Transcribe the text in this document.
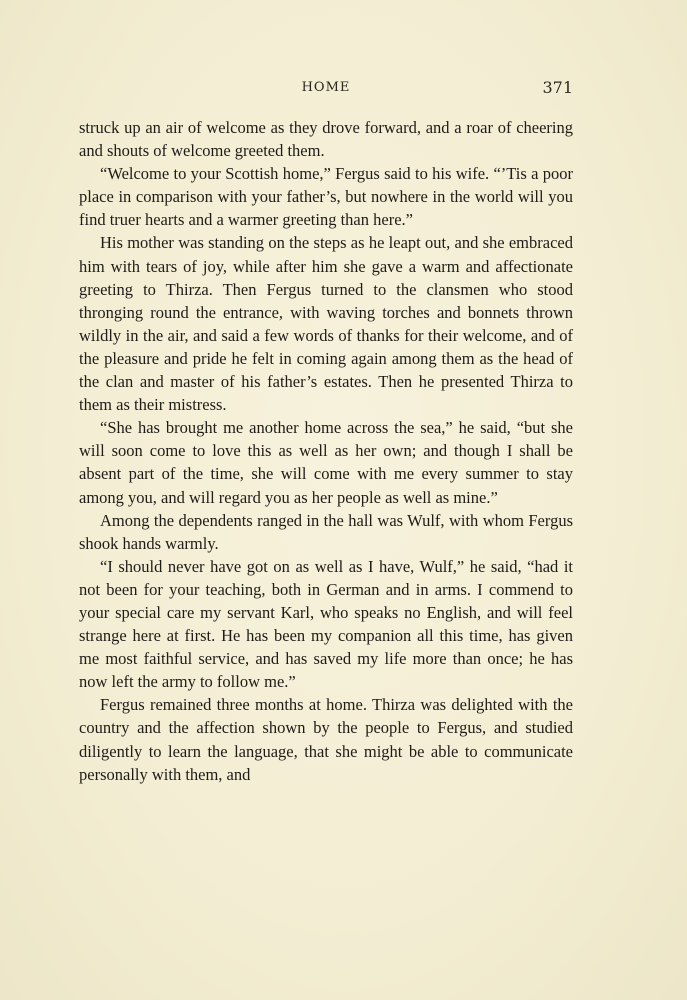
HOME	371

struck up an air of welcome as they drove forward, and a roar of cheering and shouts of welcome greeted them.

“Welcome to your Scottish home,” Fergus said to his wife. “’Tis a poor place in comparison with your father’s, but nowhere in the world will you find truer hearts and a warmer greeting than here.”

His mother was standing on the steps as he leapt out, and she embraced him with tears of joy, while after him she gave a warm and affectionate greeting to Thirza. Then Fergus turned to the clansmen who stood thronging round the entrance, with waving torches and bonnets thrown wildly in the air, and said a few words of thanks for their welcome, and of the pleasure and pride he felt in coming again among them as the head of the clan and master of his father’s estates. Then he presented Thirza to them as their mistress.

“She has brought me another home across the sea,” he said, “but she will soon come to love this as well as her own; and though I shall be absent part of the time, she will come with me every summer to stay among you, and will regard you as her people as well as mine.”

Among the dependents ranged in the hall was Wulf, with whom Fergus shook hands warmly.

“I should never have got on as well as I have, Wulf,” he said, “had it not been for your teaching, both in German and in arms. I commend to your special care my servant Karl, who speaks no English, and will feel strange here at first. He has been my companion all this time, has given me most faithful service, and has saved my life more than once; he has now left the army to follow me.”

Fergus remained three months at home. Thirza was delighted with the country and the affection shown by the people to Fergus, and studied diligently to learn the language, that she might be able to communicate personally with them, and
